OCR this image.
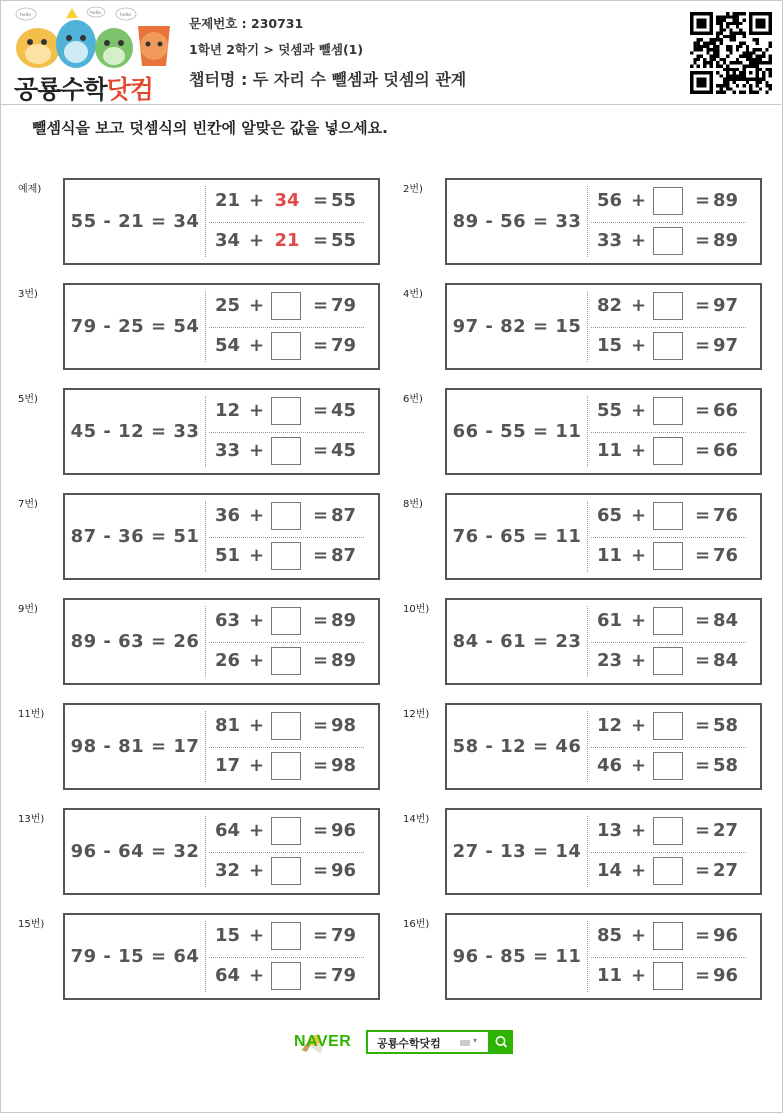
hello	hello
hello
공룡수학닷컴
문제번호 : 230731
1학년 2학기 > 덧셈과 뺄셈(1)
챕터명 : 두 자리 수 뺄셈과 덧셈의 관계
뺄셈식을 보고 덧셈식의 빈칸에 알맞은 값을 넣으세요.
예제)
55 - 21 = 34
21 + 34 = 55
34 + 21 = 55
2번)
89 - 56 = 33
56 +	= 89
33 +	= 89
3번)
79 - 25 = 54
25 +	= 79
54 +	= 79
4번)
97 - 82 = 15
82 +	= 97
15 +	= 97
5번)
45 - 12 = 33
12 +	= 45
33 +	= 45
6번)
66 - 55 = 11
55 +	= 66
11 +	= 66
7번)
87 - 36 = 51
36 +	= 87
51 +	= 87
8번)
76 - 65 = 11
65 +	= 76
11 +	= 76
9번)
89 - 63 = 26
63 +	= 89
26 +	= 89
10번)
84 - 61 = 23
61 +	= 84
23 +	= 84
11번)
98 - 81 = 17
81 +	= 98
17 +	= 98
12번)
58 - 12 = 46
12 +	= 58
46 +	= 58
13번)
96 - 64 = 32
64 +	= 96
32 +	= 96
14번)
27 - 13 = 14
13 +	= 27
14 +	= 27
15번)
79 - 15 = 64
15 +	= 79
64 +	= 79
16번)
96 - 85 = 11
85 +	= 96
11 +	= 96
NAVER 공룡수학닷컴	▾
